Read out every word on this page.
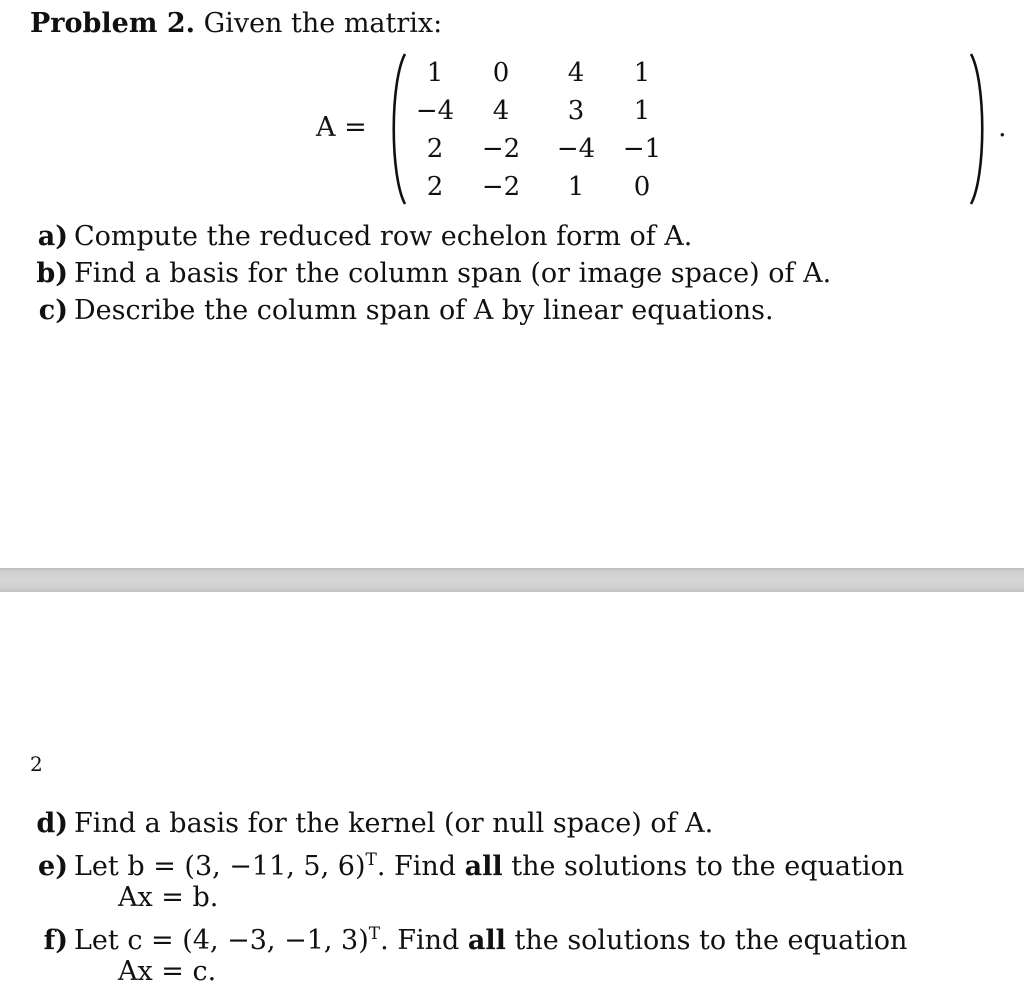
Problem 2. Given the matrix:
A =
1	0	4	1
−4	4	3	1
2	−2	−4	−1
2	−2	1	0
.
a) Compute the reduced row echelon form of A.
b) Find a basis for the column span (or image space) of A.
c) Describe the column span of A by linear equations.
2
d) Find a basis for the kernel (or null space) of A.
e) Let b = (3, −11, 5, 6)$^T$. Find all the solutions to the equation
Ax = b.
f) Let c = (4, −3, −1, 3)$^T$. Find all the solutions to the equation
Ax = c.
